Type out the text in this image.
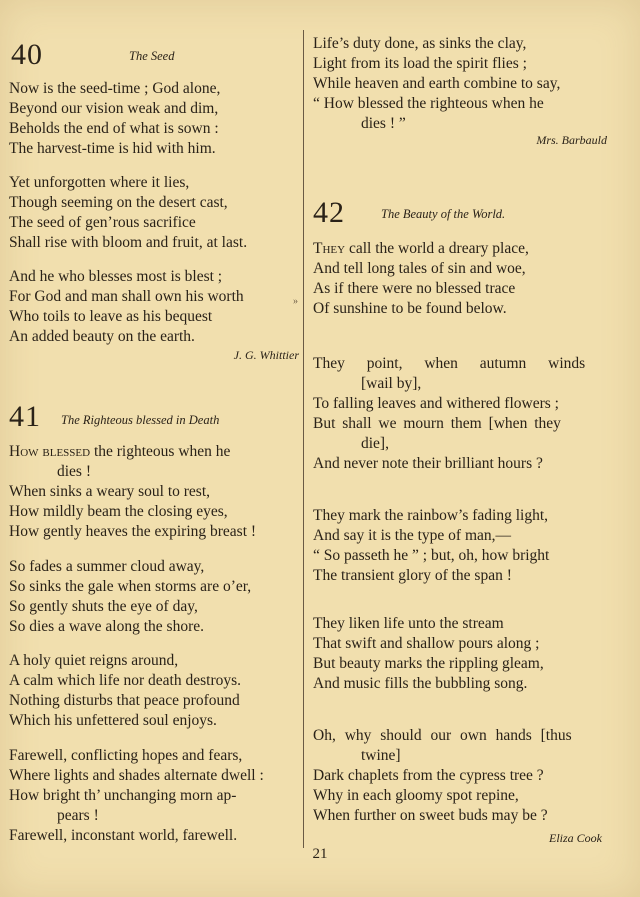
»
40	The Seed
Now is the seed-time ; God alone,
Beyond our vision weak and dim,
Beholds the end of what is sown :
The harvest-time is hid with him.
Yet unforgotten where it lies,
Though seeming on the desert cast,
The seed of gen’rous sacrifice
Shall rise with bloom and fruit, at last.
And he who blesses most is blest ;
For God and man shall own his worth
Who toils to leave as his bequest
An added beauty on the earth.
J. G. Whittier
41 The Righteous blessed in Death
How blessed the righteous when he
dies !
When sinks a weary soul to rest,
How mildly beam the closing eyes,
How gently heaves the expiring breast !
So fades a summer cloud away,
So sinks the gale when storms are o’er,
So gently shuts the eye of day,
So dies a wave along the shore.
A holy quiet reigns around,
A calm which life nor death destroys.
Nothing disturbs that peace profound
Which his unfettered soul enjoys.
Farewell, conflicting hopes and fears,
Where lights and shades alternate dwell :
How bright th’ unchanging morn ap-
pears !
Farewell, inconstant world, farewell.
Life’s duty done, as sinks the clay,
Light from its load the spirit flies ;
While heaven and earth combine to say,
“ How blessed the righteous when he
dies ! ”
Mrs. Barbauld
42	The Beauty of the World.
They call the world a dreary place,
And tell long tales of sin and woe,
As if there were no blessed trace
Of sunshine to be found below.
They point, when autumn winds
[wail by],
To falling leaves and withered flowers ;
But shall we mourn them [when they
die],
And never note their brilliant hours ?
They mark the rainbow’s fading light,
And say it is the type of man,—
“ So passeth he ” ; but, oh, how bright
The transient glory of the span !
They liken life unto the stream
That swift and shallow pours along ;
But beauty marks the rippling gleam,
And music fills the bubbling song.
Oh, why should our own hands [thus
twine]
Dark chaplets from the cypress tree ?
Why in each gloomy spot repine,
When further on sweet buds may be ?
Eliza Cook
21
